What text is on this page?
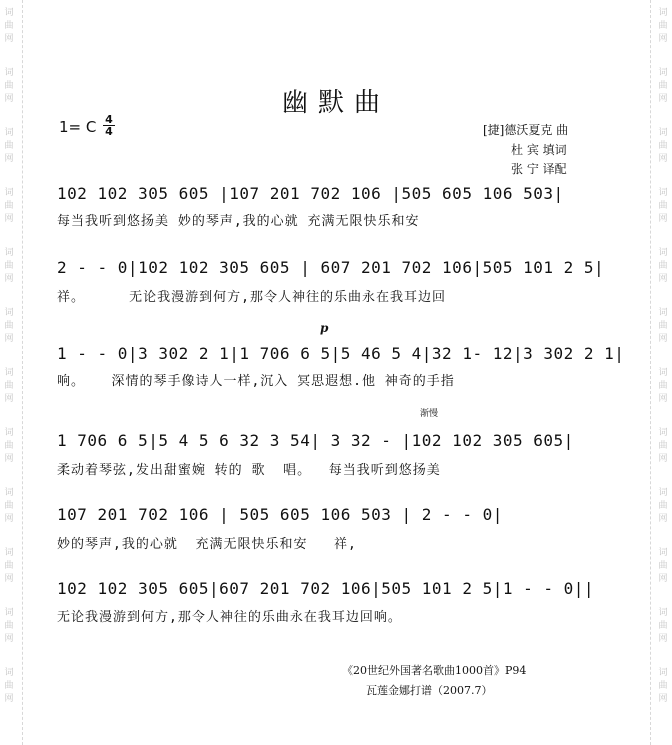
词
曲
网
词
曲
网
词
曲
网
词
曲
网
词
曲
网
词
曲
网
词
曲
网
词
曲
网
词
曲
网
词
曲
网
词
曲
网
词
曲
网
词
曲
网
词
曲
网
词
曲
网
词
曲
网
词
曲
网
词
曲
网
词
曲
网
词
曲
网
词
曲
网
词
曲
网
词
曲
网
词
曲
网
幽默曲
1= C $\frac{4}{4}$	[捷]德沃夏克 曲
杜 宾 填词
张 宁 译配
102 102 305 605 |107 201 702 106 |505 605 106 503|
每当我听到悠扬美 妙的琴声,我的心就 充满无限快乐和安
2 - - 0|102 102 305 605 | 607 201 702 106|505 101 2 5|
祥。     无论我漫游到何方,那令人神往的乐曲永在我耳边回
p
1 - - 0|3 302 2 1|1 706 6 5|5 46 5 4|32 1- 12|3 302 2 1|
响。   深情的琴手像诗人一样,沉入 冥思遐想.他 神奇的手指
渐慢
1 706 6 5|5 4 5 6 32 3 54| 3 32 - |102 102 305 605|
柔动着琴弦,发出甜蜜婉 转的 歌  唱。  每当我听到悠扬美
107 201 702 106 | 505 605 106 503 | 2 - - 0|
妙的琴声,我的心就  充满无限快乐和安   祥,
102 102 305 605|607 201 702 106|505 101 2 5|1 - - 0||
无论我漫游到何方,那令人神往的乐曲永在我耳边回响。
《20世纪外国著名歌曲1000首》P94
瓦莲金娜打谱（2007.7）
